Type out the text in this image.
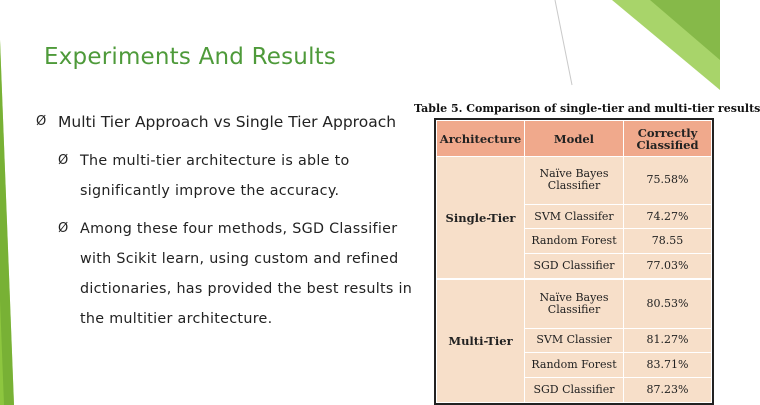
Experiments And Results
Ø Multi Tier Approach vs Single Tier Approach
Ø The multi-tier architecture is able to significantly improve the accuracy.
Ø Among these four methods, SGD Classifier with Scikit learn, using custom and refined dictionaries, has provided the best results in the multitier architecture.
Table 5. Comparison of single-tier and multi-tier results
Architecture	Model	Correctly Classified
Single-Tier	Naïve Bayes Classifier	75.58%
	SVM Classifer	74.27%
	Random Forest	78.55
	SGD Classifier	77.03%
Multi-Tier	Naïve Bayes Classifier	80.53%
	SVM Classier	81.27%
	Random Forest	83.71%
	SGD Classifier	87.23%
